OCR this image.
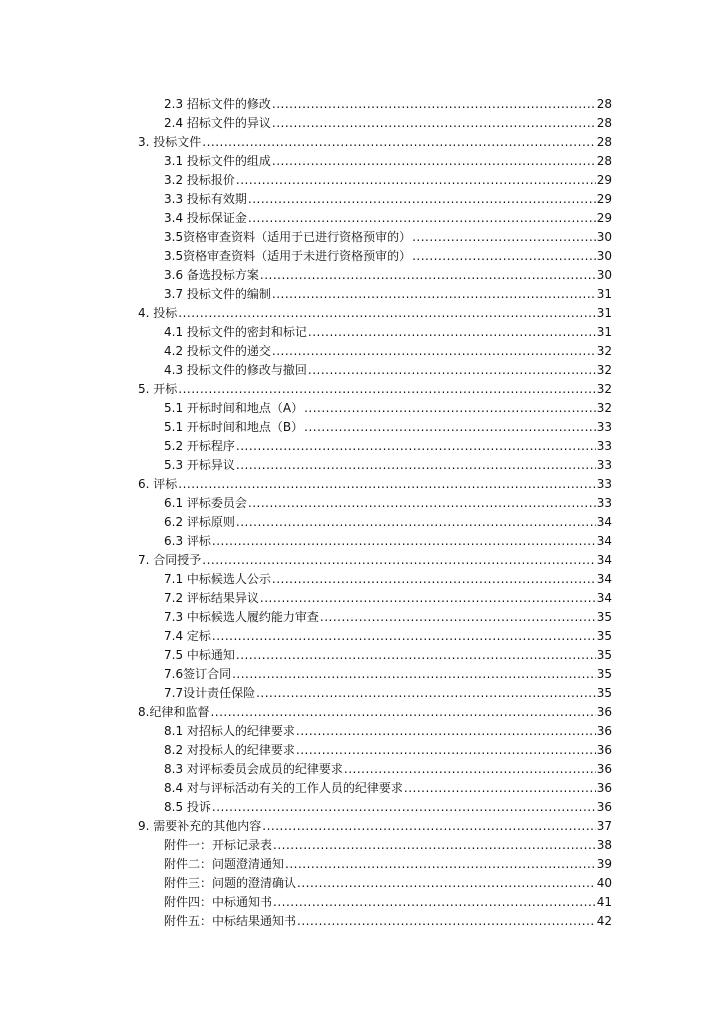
2.3 招标文件的修改 .....	28
2.4 招标文件的异议 .....	28
3. 投标文件 .....	28
3.1 投标文件的组成 .....	28
3.2 投标报价 .....	29
3.3 投标有效期 .....	29
3.4 投标保证金 .....	29
3.5资格审查资料（适用于已进行资格预审的） .....	30
3.5资格审查资料（适用于未进行资格预审的） .....	30
3.6 备选投标方案 .....	30
3.7 投标文件的编制 .....	31
4. 投标 .....	31
4.1 投标文件的密封和标记 .....	31
4.2 投标文件的递交 .....	32
4.3 投标文件的修改与撤回 .....	32
5. 开标 .....	32
5.1 开标时间和地点（A） .....	32
5.1 开标时间和地点（B） .....	33
5.2 开标程序 .....	33
5.3 开标异议 .....	33
6. 评标 .....	33
6.1 评标委员会 .....	33
6.2 评标原则 .....	34
6.3 评标 .....	34
7. 合同授予 .....	34
7.1 中标候选人公示 .....	34
7.2 评标结果异议 .....	34
7.3 中标候选人履约能力审查 .....	35
7.4 定标 .....	35
7.5 中标通知 .....	35
7.6签订合同 .....	35
7.7设计责任保险 .....	35
8.纪律和监督 .....	36
8.1 对招标人的纪律要求 .....	36
8.2 对投标人的纪律要求 .....	36
8.3 对评标委员会成员的纪律要求 .....	36
8.4 对与评标活动有关的工作人员的纪律要求 .....	36
8.5 投诉 .....	36
9. 需要补充的其他内容 .....	37
附件一：开标记录表 .....	38
附件二：问题澄清通知 .....	39
附件三：问题的澄清确认 .....	40
附件四：中标通知书 .....	41
附件五：中标结果通知书 .....	42
